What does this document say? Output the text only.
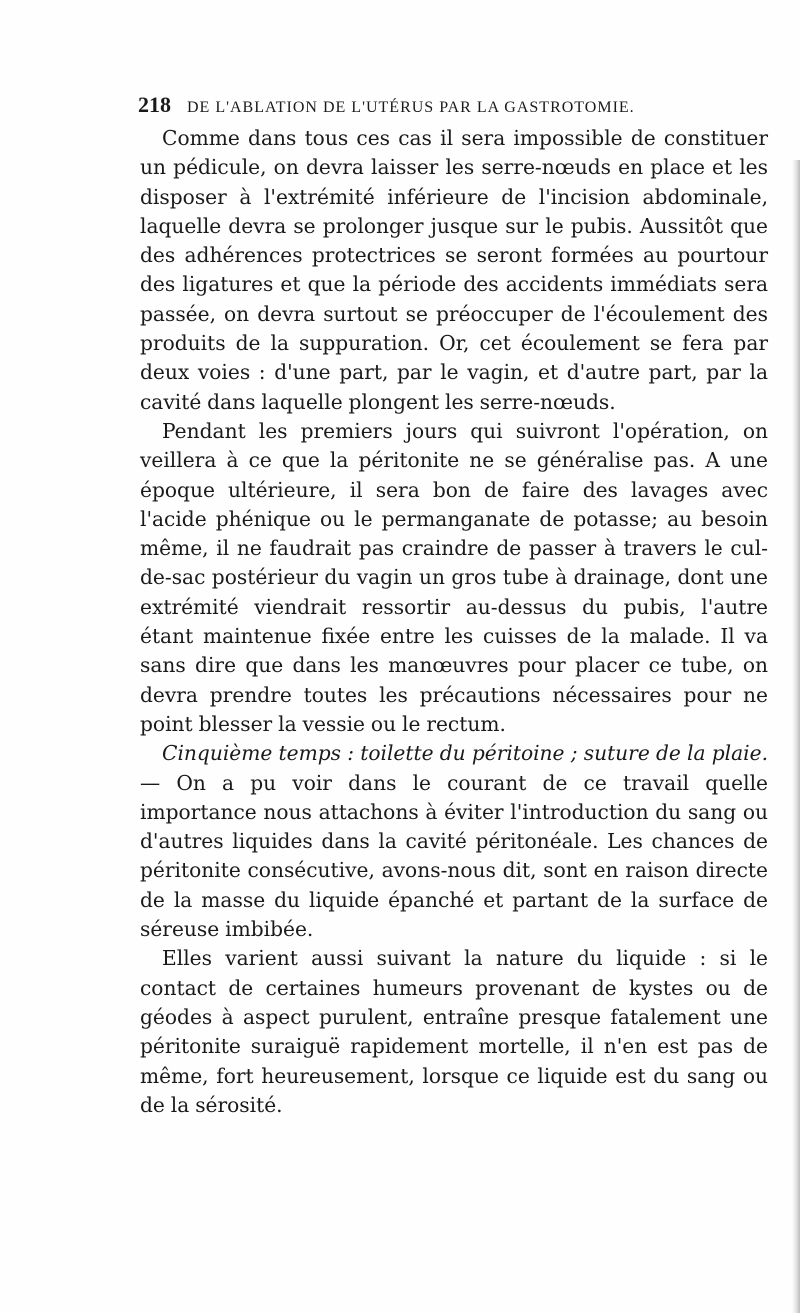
218 DE L'ABLATION DE L'UTÉRUS PAR LA GASTROTOMIE.

Comme dans tous ces cas il sera impossible de constituer un pédicule, on devra laisser les serre-nœuds en place et les disposer à l'extrémité inférieure de l'incision abdominale, laquelle devra se prolonger jusque sur le pubis. Aussitôt que des adhérences protectrices se seront formées au pourtour des ligatures et que la période des accidents immédiats sera passée, on devra surtout se préoccuper de l'écoulement des produits de la suppuration. Or, cet écoulement se fera par deux voies : d'une part, par le vagin, et d'autre part, par la cavité dans laquelle plongent les serre-nœuds.

Pendant les premiers jours qui suivront l'opération, on veillera à ce que la péritonite ne se généralise pas. A une époque ultérieure, il sera bon de faire des lavages avec l'acide phénique ou le permanganate de potasse; au besoin même, il ne faudrait pas craindre de passer à travers le cul-de-sac postérieur du vagin un gros tube à drainage, dont une extrémité viendrait ressortir au-dessus du pubis, l'autre étant maintenue fixée entre les cuisses de la malade. Il va sans dire que dans les manœuvres pour placer ce tube, on devra prendre toutes les précautions nécessaires pour ne point blesser la vessie ou le rectum.

Cinquième temps : toilette du péritoine ; suture de la plaie. — On a pu voir dans le courant de ce travail quelle importance nous attachons à éviter l'introduction du sang ou d'autres liquides dans la cavité péritonéale. Les chances de péritonite consécutive, avons-nous dit, sont en raison directe de la masse du liquide épanché et partant de la surface de séreuse imbibée.

Elles varient aussi suivant la nature du liquide : si le contact de certaines humeurs provenant de kystes ou de géodes à aspect purulent, entraîne presque fatalement une péritonite suraiguë rapidement mortelle, il n'en est pas de même, fort heureusement, lorsque ce liquide est du sang ou de la sérosité.
